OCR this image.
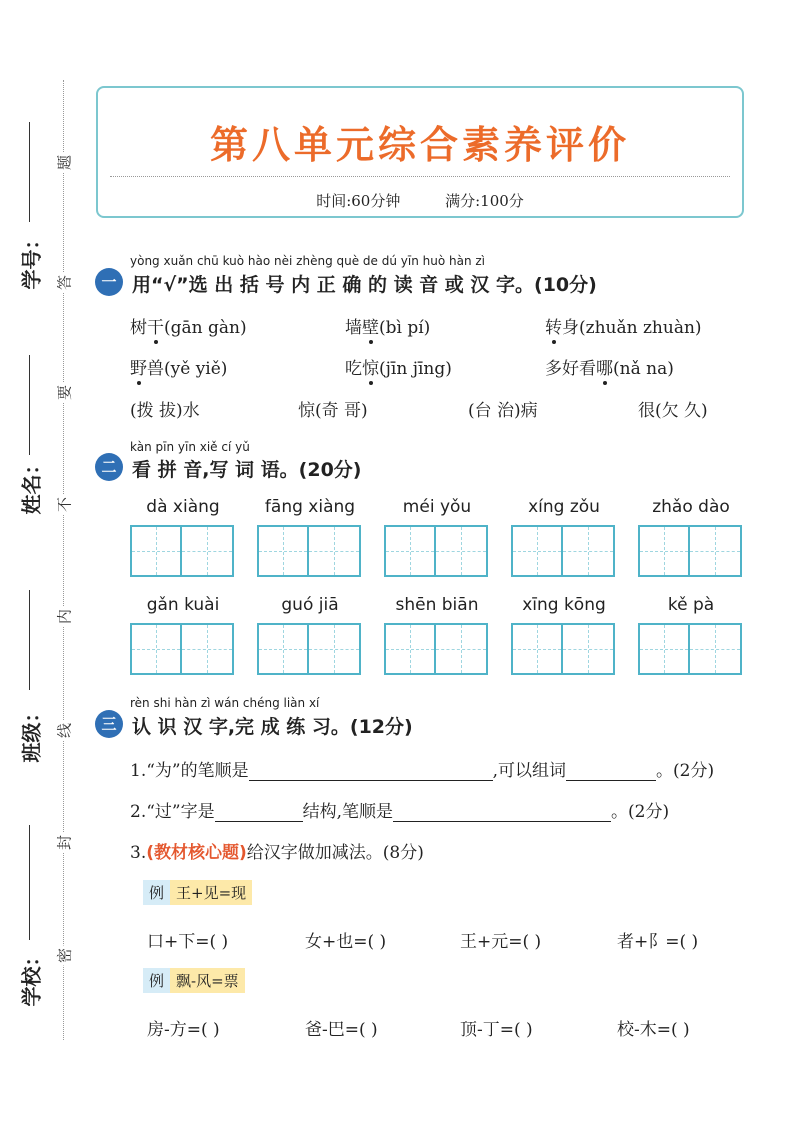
学号：
姓名：
班级：
学校：
题
答
要
不
内
线
封
密
第八单元综合素养评价
时间:60分钟	满分:100分
yòng xuǎn chū kuò hào nèi zhèng què de dú yīn huò hàn zì
一 用“√”选 出 括 号 内 正 确 的 读 音 或 汉 字。(10分)
树干(gān gàn)	墙壁(bì pí)	转身(zhuǎn zhuàn)
野兽(yě yiě)	吃惊(jīn jīng)	多好看哪(nǎ na)
(拨 拔)水	惊(奇 哥)	(台 治)病	很(欠 久)
kàn pīn yīn xiě cí yǔ
二 看 拼 音,写 词 语。(20分)
dà xiàng	fāng xiàng	méi yǒu	xíng zǒu	zhǎo dào
gǎn kuài	guó jiā	shēn biān	xīng kōng	kě pà
rèn shi hàn zì wán chéng liàn xí
三 认 识 汉 字,完 成 练 习。(12分)
1.“为”的笔顺是	,可以组词	。(2分)
2.“过”字是	结构,笔顺是	。(2分)
3.(教材核心题)给汉字做加减法。(8分)
例 王+见=现
口+下=( )	女+也=( )	王+元=( )	者+阝=( )
例 飘-风=票
房-方=( )	爸-巴=( )	顶-丁=( )	校-木=( )
